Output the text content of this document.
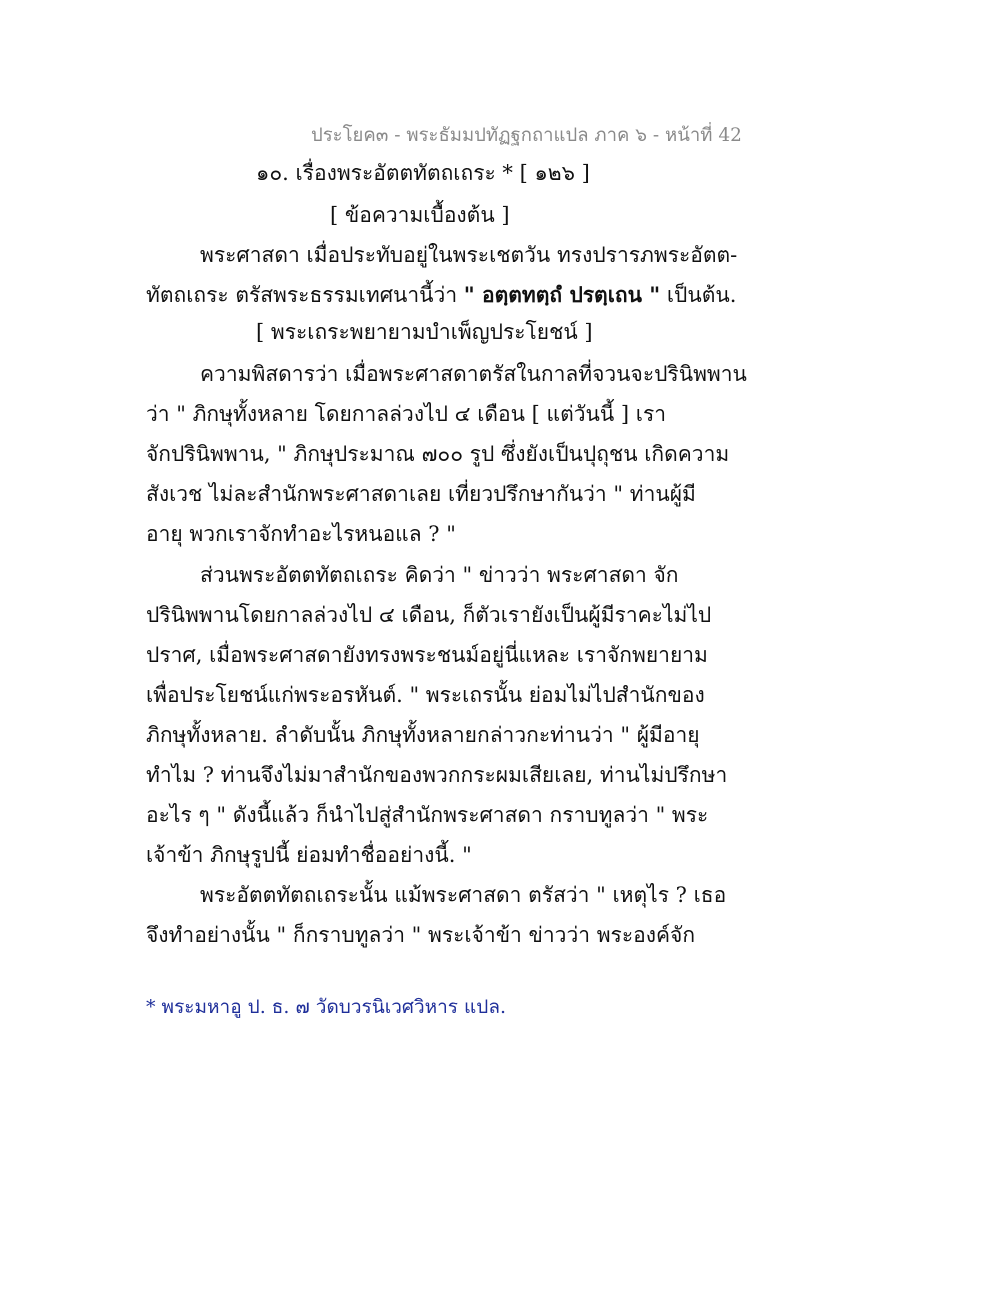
ประโยค๓ - พระธัมมปทัฏฐกถาแปล ภาค ๖ - หน้าที่ 42
๑๐. เรื่องพระอัตตทัตถเถระ * [ ๑๒๖ ]
[ ข้อความเบื้องต้น ]
พระศาสดา เมื่อประทับอยู่ในพระเชตวัน ทรงปรารภพระอัตต-
ทัตถเถระ ตรัสพระธรรมเทศนานี้ว่า " อตฺตทตฺถํ ปรตฺเถน " เป็นต้น.
[ พระเถระพยายามบำเพ็ญประโยชน์ ]
ความพิสดารว่า เมื่อพระศาสดาตรัสในกาลที่จวนจะปรินิพพาน
ว่า " ภิกษุทั้งหลาย โดยกาลล่วงไป ๔ เดือน [ แต่วันนี้ ] เรา
จักปรินิพพาน, " ภิกษุประมาณ ๗๐๐ รูป ซึ่งยังเป็นปุถุชน เกิดความ
สังเวช ไม่ละสำนักพระศาสดาเลย เที่ยวปรึกษากันว่า " ท่านผู้มี
อายุ พวกเราจักทำอะไรหนอแล ? "
ส่วนพระอัตตทัตถเถระ คิดว่า " ข่าวว่า พระศาสดา จัก
ปรินิพพานโดยกาลล่วงไป ๔ เดือน, ก็ตัวเรายังเป็นผู้มีราคะไม่ไป
ปราศ, เมื่อพระศาสดายังทรงพระชนม์อยู่นี่แหละ เราจักพยายาม
เพื่อประโยชน์แก่พระอรหันต์. " พระเถรนั้น ย่อมไม่ไปสำนักของ
ภิกษุทั้งหลาย. ลำดับนั้น ภิกษุทั้งหลายกล่าวกะท่านว่า " ผู้มีอายุ
ทำไม ? ท่านจึงไม่มาสำนักของพวกกระผมเสียเลย, ท่านไม่ปรึกษา
อะไร ๆ " ดังนี้แล้ว ก็นำไปสู่สำนักพระศาสดา กราบทูลว่า " พระ
เจ้าข้า ภิกษุรูปนี้ ย่อมทำชื่ออย่างนี้. "
พระอัตตทัตถเถระนั้น แม้พระศาสดา ตรัสว่า " เหตุไร ? เธอ
จึงทำอย่างนั้น " ก็กราบทูลว่า " พระเจ้าข้า ข่าวว่า พระองค์จัก
* พระมหาอู ป. ธ. ๗ วัดบวรนิเวศวิหาร แปล.
